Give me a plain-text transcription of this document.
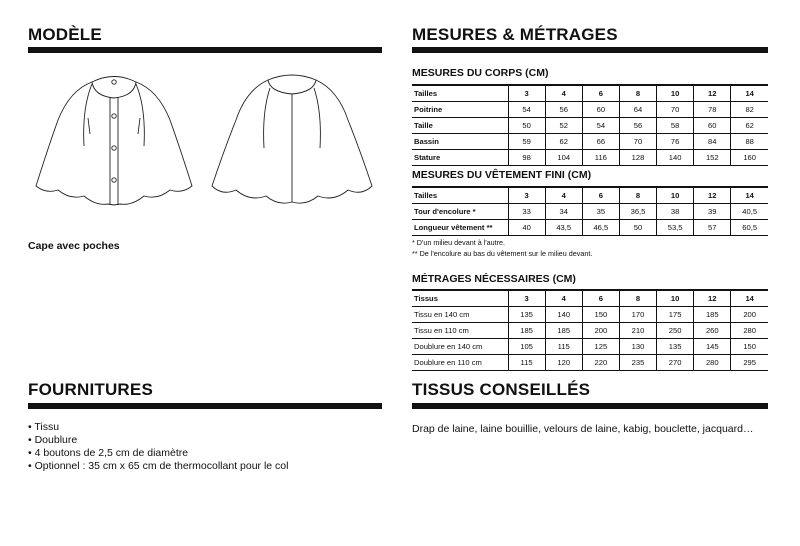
MODÈLE
Cape avec poches
MESURES & MÉTRAGES
MESURES DU CORPS (CM)
Tailles	3	4	6	8	10	12	14
Poitrine	54	56	60	64	70	78	82
Taille	50	52	54	56	58	60	62
Bassin	59	62	66	70	76	84	88
Stature	98	104	116	128	140	152	160
MESURES DU VÊTEMENT FINI (CM)
Tailles	3	4	6	8	10	12	14
Tour d'encolure *	33	34	35	36,5	38	39	40,5
Longueur vêtement **	40	43,5	46,5	50	53,5	57	60,5
* D'un milieu devant à l'autre.
** De l'encolure au bas du vêtement sur le milieu devant.
MÉTRAGES NÉCESSAIRES (CM)
Tissus	3	4	6	8	10	12	14
Tissu en 140 cm	135	140	150	170	175	185	200
Tissu en 110 cm	185	185	200	210	250	260	280
Doublure en 140 cm	105	115	125	130	135	145	150
Doublure en 110 cm	115	120	220	235	270	280	295
FOURNITURES
• Tissu
• Doublure
• 4 boutons de 2,5 cm de diamètre
• Optionnel : 35 cm x 65 cm de thermocollant pour le col
TISSUS CONSEILLÉS
Drap de laine, laine bouillie, velours de laine, kabig, bouclette, jacquard…
